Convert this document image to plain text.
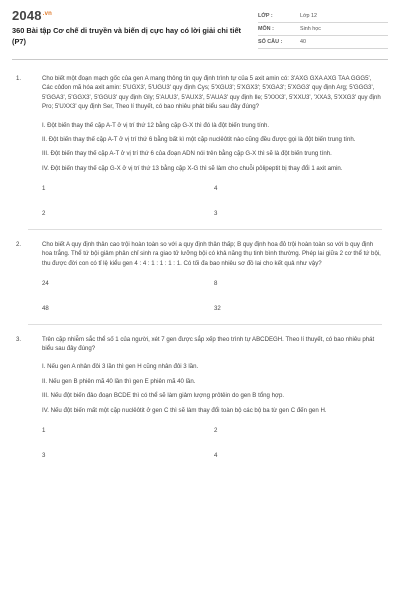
$2048^{.vn}$
360 Bài tập Cơ chế di truyền và biến dị cực hay có lời giải chi tiết (P7)
LỚP :	Lớp 12
MÔN :	Sinh học
SỐ CÂU :	40
1.	Cho biết một đoạn mạch gốc của gen A mang thông tin quy định trình tự của 5 axit amin có: 3'AXG GXA AXG TAA GGG5', Các côđon mã hóa axit amin: 5'UGX3', 5'UGU3' quy định Cys; 5'XGU3'; 5'XGX3'; 5'XGA3'; 5'XGG3' quy định Arg; 5'GGG3', 5'GGA3', 5'GGX3', 5'GGU3' quy định Gly; 5'AUU3', 5'AUX3', 5'AUA3' quy định Ile; 5'XXX3', 5'XXU3', 'XXA3, 5'XXG3' quy định Pro; 5'UXX3' quy định Ser, Theo lí thuyết, có bao nhiêu phát biểu sau đây đúng?

I. Đột biến thay thế cặp A-T ở vị trí thứ 12 bằng cặp G-X thì đó là đột biến trung tính.

II. Đột biến thay thế cặp A-T ở vị trí thứ 6 bằng bất kì một cặp nuclêôtit nào cũng đều được gọi là đột biến trung tính.

III. Đột biến thay thế cặp A-T ở vị trí thứ 6 của đoạn ADN nói trên bằng cặp G-X thì sẽ là đột biến trung tính.

IV. Đột biến thay thế cặp G-X ở vị trí thứ 13 bằng cặp X-G thì sẽ làm cho chuỗi pôlipeptit bị thay đổi 1 axit amin.

1	4
2	3
2.	Cho biết A quy định thân cao trội hoàn toàn so với a quy định thân thấp; B quy định hoa đỏ trội hoàn toàn so với b quy định hoa trắng. Thể tứ bội giảm phân chỉ sinh ra giao tử lưỡng bội có khả năng thụ tinh bình thường. Phép lai giữa 2 cơ thể tứ bội, thu được đời con có tỉ lệ kiểu gen 4 : 4 : 1 : 1 : 1 : 1. Có tối đa bao nhiêu sơ đồ lai cho kết quả như vậy?

24	8
48	32
3.	Trên cặp nhiễm sắc thể số 1 của người, xét 7 gen được sắp xếp theo trình tự ABCDEGH. Theo lí thuyết, có bao nhiêu phát biểu sau đây đúng?

I. Nếu gen A nhân đôi 3 lần thì gen H cũng nhân đôi 3 lần.

II. Nếu gen B phiên mã 40 lần thì gen E phiên mã 40 lần.

III. Nếu đột biến đảo đoạn BCDE thì có thể sẽ làm giảm lượng prôtêin do gen B tổng hợp.

IV. Nếu đột biến mất một cặp nuclêôtit ở gen C thì sẽ làm thay đổi toàn bộ các bộ ba từ gen C đến gen H.

1	2
3	4
